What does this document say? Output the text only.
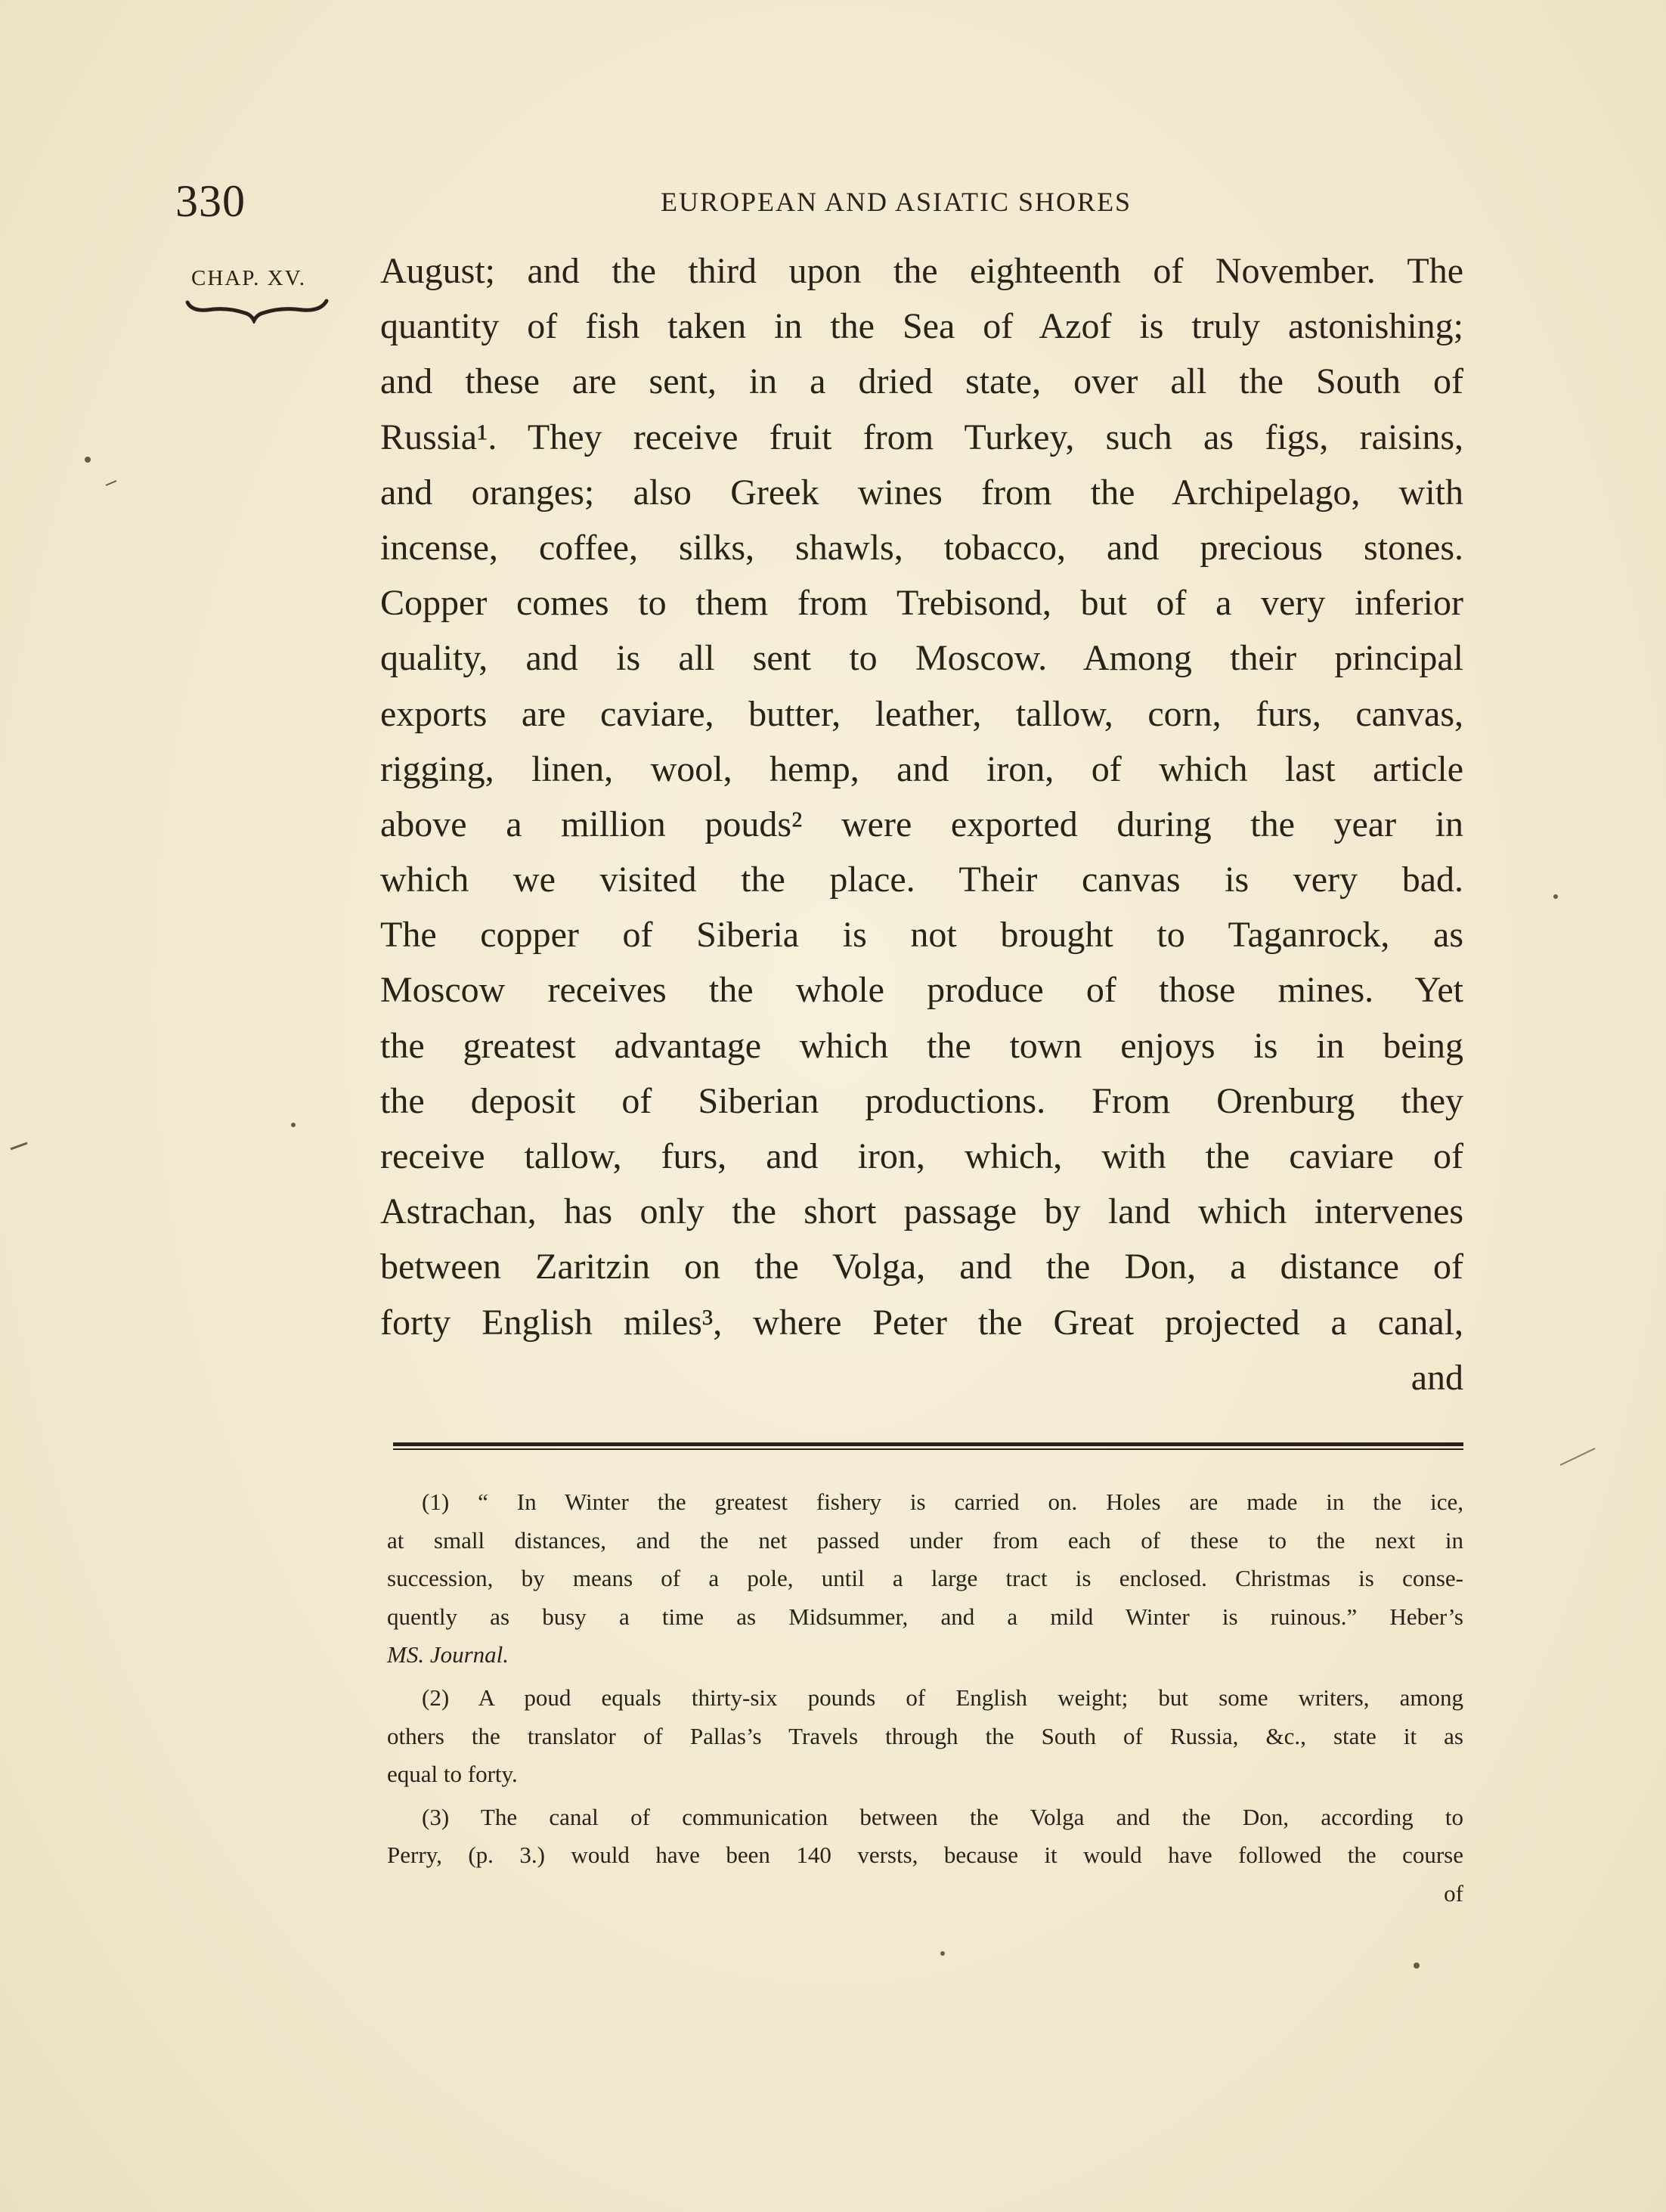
330	EUROPEAN AND ASIATIC SHORES
CHAP. XV. August; and the third upon the eighteenth of November. The
quantity of fish taken in the Sea of Azof is truly astonishing;
and these are sent, in a dried state, over all the South of
Russia¹. They receive fruit from Turkey, such as figs, raisins,
and oranges; also Greek wines from the Archipelago, with
incense, coffee, silks, shawls, tobacco, and precious stones.
Copper comes to them from Trebisond, but of a very inferior
quality, and is all sent to Moscow. Among their principal
exports are caviare, butter, leather, tallow, corn, furs, canvas,
rigging, linen, wool, hemp, and iron, of which last article
above a million pouds² were exported during the year in
which we visited the place. Their canvas is very bad.
The copper of Siberia is not brought to Taganrock, as
Moscow receives the whole produce of those mines. Yet
the greatest advantage which the town enjoys is in being
the deposit of Siberian productions. From Orenburg they
receive tallow, furs, and iron, which, with the caviare of
Astrachan, has only the short passage by land which intervenes
between Zaritzin on the Volga, and the Don, a distance of
forty English miles³, where Peter the Great projected a canal,
and
(1) “ In Winter the greatest fishery is carried on. Holes are made in the ice,
at small distances, and the net passed under from each of these to the next in
succession, by means of a pole, until a large tract is enclosed. Christmas is conse-
quently as busy a time as Midsummer, and a mild Winter is ruinous.” Heber’s
MS. Journal.
(2) A poud equals thirty-six pounds of English weight; but some writers, among
others the translator of Pallas’s Travels through the South of Russia, &c., state it as
equal to forty.
(3) The canal of communication between the Volga and the Don, according to
Perry, (p. 3.) would have been 140 versts, because it would have followed the course
of
